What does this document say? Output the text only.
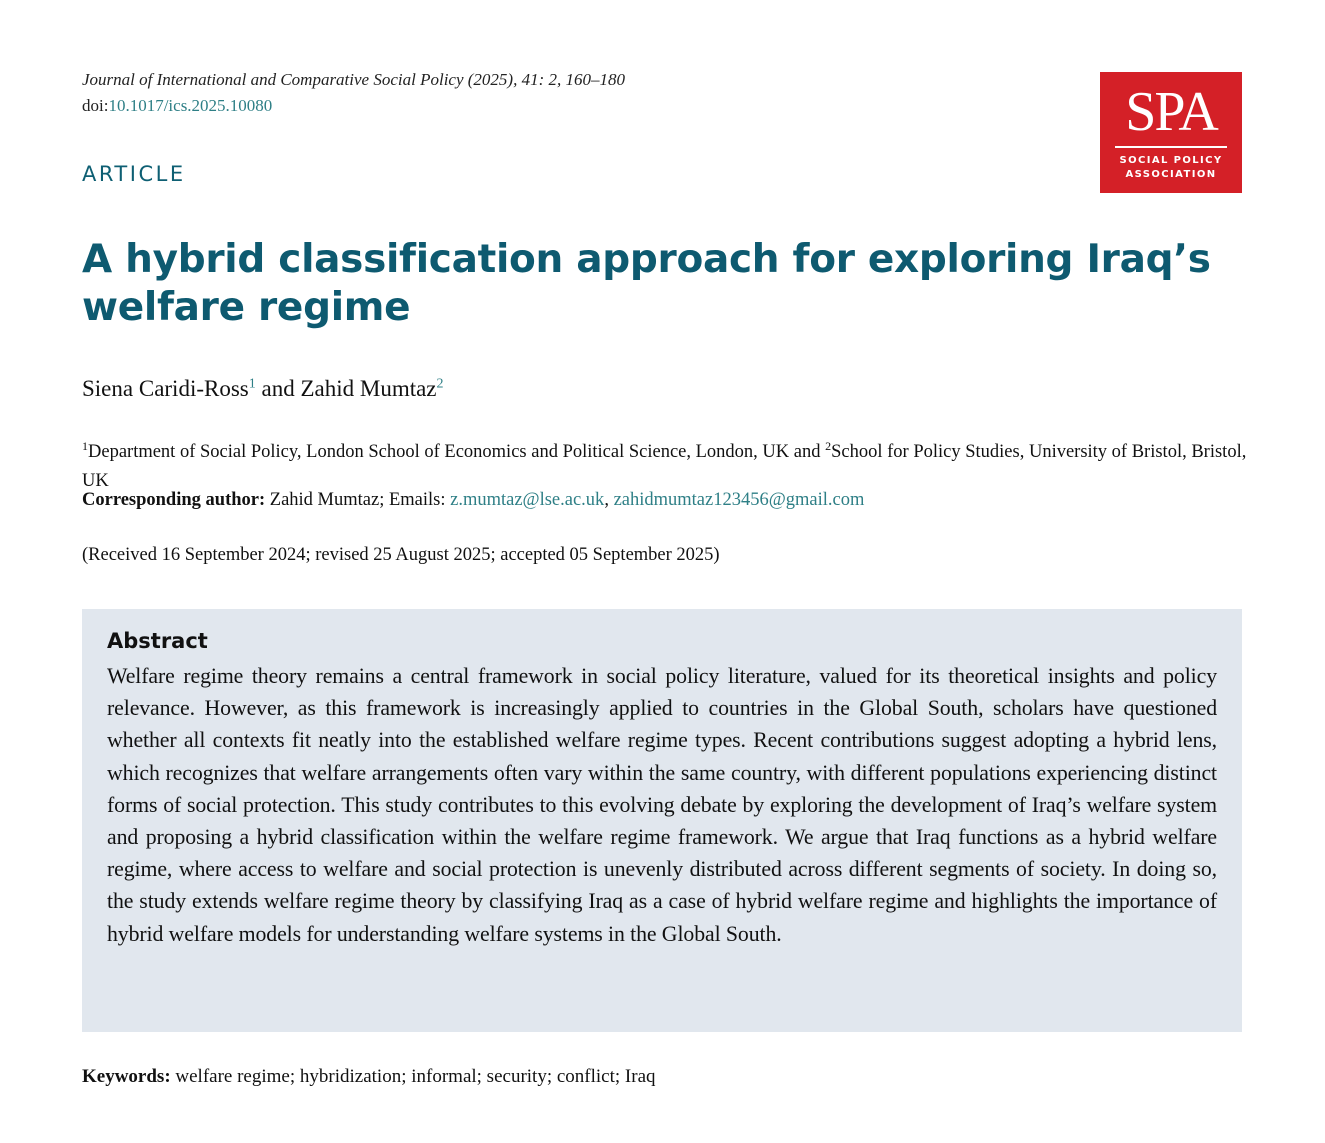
Journal of International and Comparative Social Policy (2025), 41: 2, 160–180
doi:10.1017/ics.2025.10080
ARTICLE
SPA
SOCIAL POLICY
ASSOCIATION
A hybrid classification approach for exploring Iraq’s welfare regime
Siena Caridi-Ross$^1$ and Zahid Mumtaz$^2$
$^1$Department of Social Policy, London School of Economics and Political Science, London, UK and $^2$School for Policy Studies, University of Bristol, Bristol, UK
Corresponding author: Zahid Mumtaz; Emails: z.mumtaz@lse.ac.uk, zahidmumtaz123456@gmail.com
(Received 16 September 2024; revised 25 August 2025; accepted 05 September 2025)
Abstract

Welfare regime theory remains a central framework in social policy literature, valued for its theoretical insights and policy relevance. However, as this framework is increasingly applied to countries in the Global South, scholars have questioned whether all contexts fit neatly into the established welfare regime types. Recent contributions suggest adopting a hybrid lens, which recognizes that welfare arrangements often vary within the same country, with different populations experiencing distinct forms of social protection. This study contributes to this evolving debate by exploring the development of Iraq’s welfare system and proposing a hybrid classification within the welfare regime framework. We argue that Iraq functions as a hybrid welfare regime, where access to welfare and social protection is unevenly distributed across different segments of society. In doing so, the study extends welfare regime theory by classifying Iraq as a case of hybrid welfare regime and highlights the importance of hybrid welfare models for understanding welfare systems in the Global South.

Keywords: welfare regime; hybridization; informal; security; conflict; Iraq
